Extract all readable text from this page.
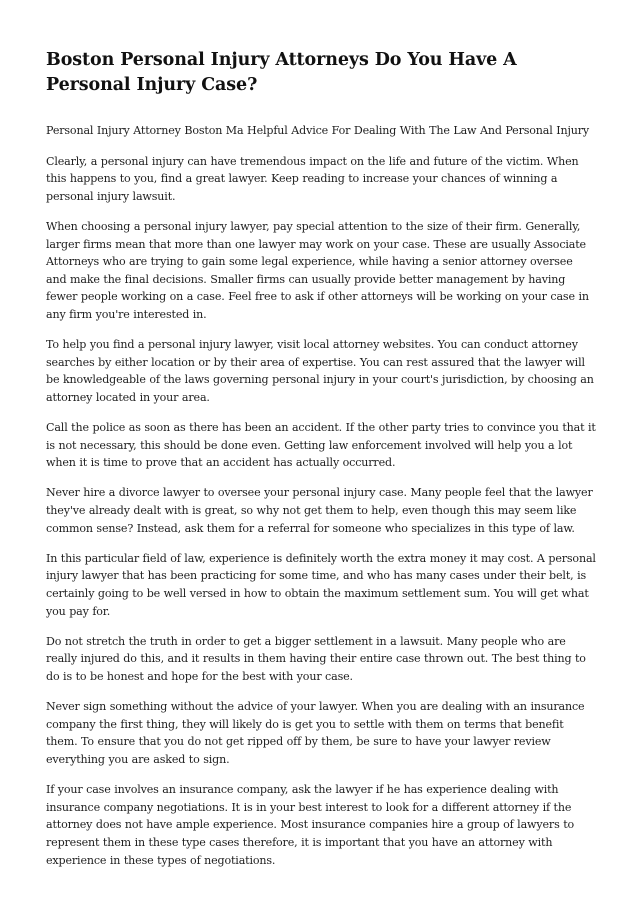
Boston Personal Injury Attorneys Do You Have A Personal Injury Case?

Personal Injury Attorney Boston Ma Helpful Advice For Dealing With The Law And Personal Injury

Clearly, a personal injury can have tremendous impact on the life and future of the victim. When this happens to you, find a great lawyer. Keep reading to increase your chances of winning a personal injury lawsuit.

When choosing a personal injury lawyer, pay special attention to the size of their firm. Generally, larger firms mean that more than one lawyer may work on your case. These are usually Associate Attorneys who are trying to gain some legal experience, while having a senior attorney oversee and make the final decisions. Smaller firms can usually provide better management by having fewer people working on a case. Feel free to ask if other attorneys will be working on your case in any firm you're interested in.

To help you find a personal injury lawyer, visit local attorney websites. You can conduct attorney searches by either location or by their area of expertise. You can rest assured that the lawyer will be knowledgeable of the laws governing personal injury in your court's jurisdiction, by choosing an attorney located in your area.

Call the police as soon as there has been an accident. If the other party tries to convince you that it is not necessary, this should be done even. Getting law enforcement involved will help you a lot when it is time to prove that an accident has actually occurred.

Never hire a divorce lawyer to oversee your personal injury case. Many people feel that the lawyer they've already dealt with is great, so why not get them to help, even though this may seem like common sense? Instead, ask them for a referral for someone who specializes in this type of law.

In this particular field of law, experience is definitely worth the extra money it may cost. A personal injury lawyer that has been practicing for some time, and who has many cases under their belt, is certainly going to be well versed in how to obtain the maximum settlement sum. You will get what you pay for.

Do not stretch the truth in order to get a bigger settlement in a lawsuit. Many people who are really injured do this, and it results in them having their entire case thrown out. The best thing to do is to be honest and hope for the best with your case.

Never sign something without the advice of your lawyer. When you are dealing with an insurance company the first thing, they will likely do is get you to settle with them on terms that benefit them. To ensure that you do not get ripped off by them, be sure to have your lawyer review everything you are asked to sign.

If your case involves an insurance company, ask the lawyer if he has experience dealing with insurance company negotiations. It is in your best interest to look for a different attorney if the attorney does not have ample experience. Most insurance companies hire a group of lawyers to represent them in these type cases therefore, it is important that you have an attorney with experience in these types of negotiations.
